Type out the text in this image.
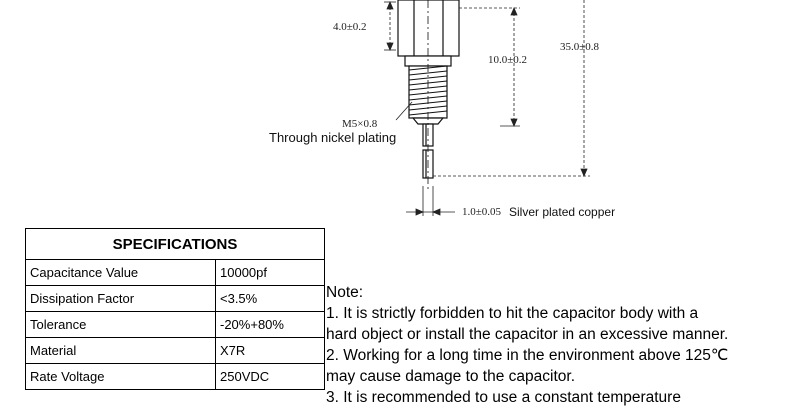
4.0±0.2
10.0±0.2
35.0±0.8
M5×0.8
Through nickel plating
1.0±0.05 Silver plated copper
SPECIFICATIONS	
Capacitance Value	10000pf
Dissipation Factor	<3.5%
Tolerance	-20%+80%
Material	X7R
Rate Voltage	250VDC

Note:

1. It is strictly forbidden to hit the capacitor body with a

hard object or install the capacitor in an excessive manner.

2. Working for a long time in the environment above 125℃

may cause damage to the capacitor.

3. It is recommended to use a constant temperature
